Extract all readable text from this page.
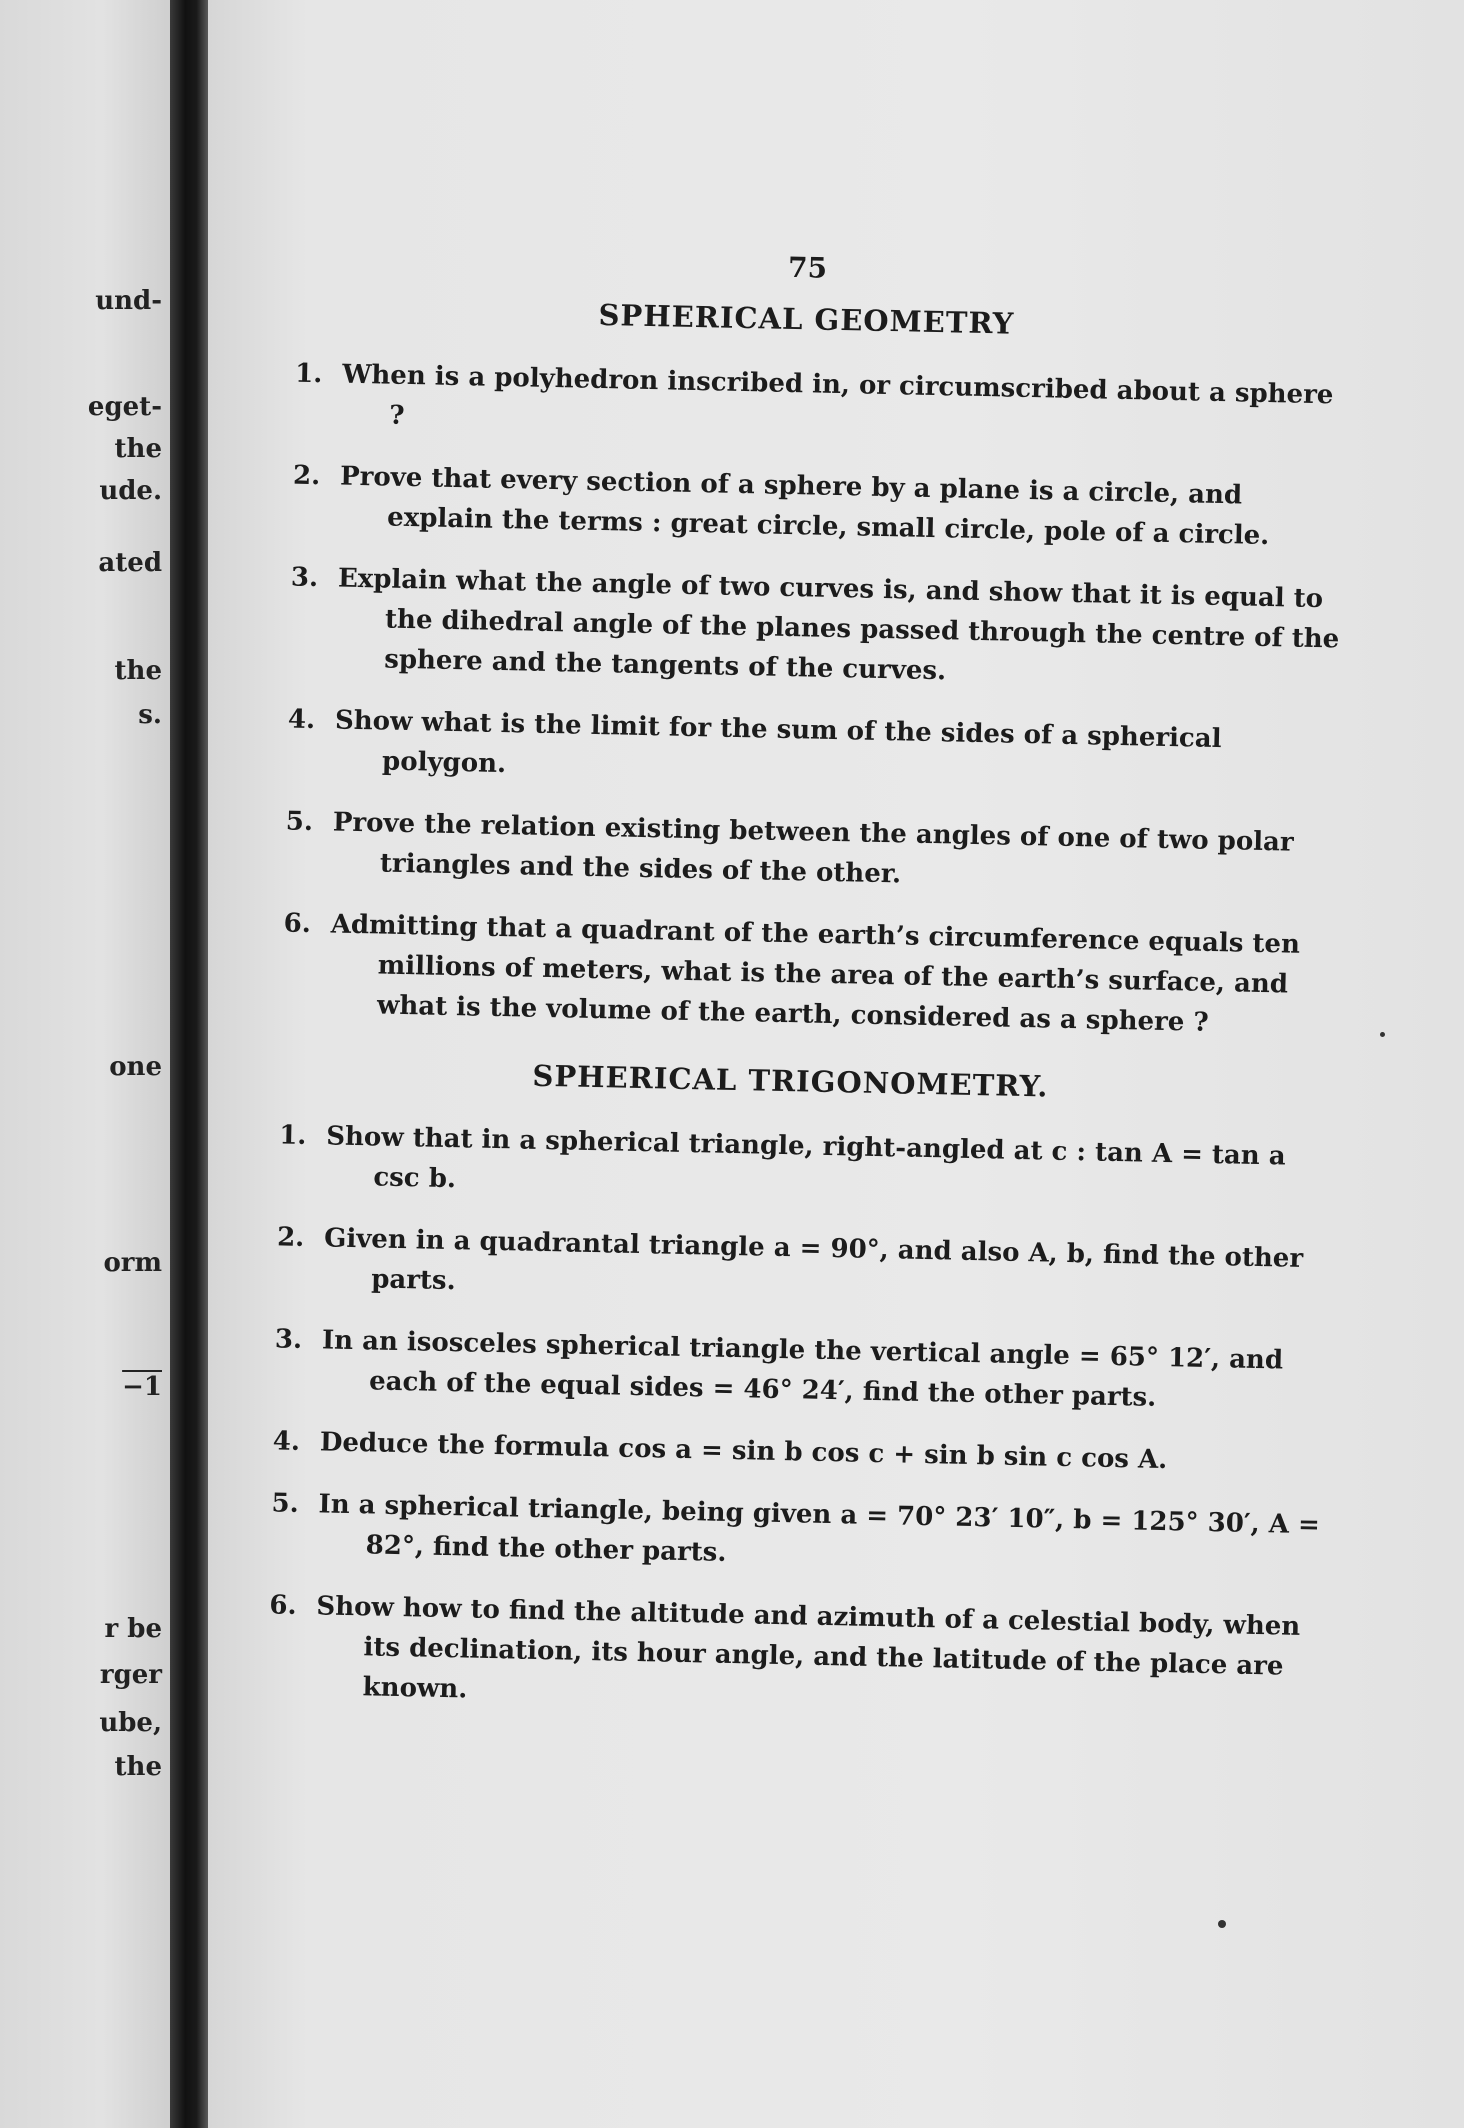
und-
eget-
the
ude.
ated
the
s.
one
orm
−1
r be
rger
ube,
the
75
SPHERICAL GEOMETRY
1. When is a polyhedron inscribed in, or circumscribed about a sphere ?
2. Prove that every section of a sphere by a plane is a circle, and explain the terms : great circle, small circle, pole of a circle.
3. Explain what the angle of two curves is, and show that it is equal to the dihedral angle of the planes passed through the centre of the sphere and the tangents of the curves.
4. Show what is the limit for the sum of the sides of a spherical polygon.
5. Prove the relation existing between the angles of one of two polar triangles and the sides of the other.
6. Admitting that a quadrant of the earth’s circumference equals ten millions of meters, what is the area of the earth’s surface, and what is the volume of the earth, considered as a sphere ?
SPHERICAL TRIGONOMETRY.
1. Show that in a spherical triangle, right-angled at c : tan A = tan a csc b.
2. Given in a quadrantal triangle a = 90°, and also A, b, find the other parts.
3. In an isosceles spherical triangle the vertical angle = 65° 12′, and each of the equal sides = 46° 24′, find the other parts.
4. Deduce the formula cos a = sin b cos c + sin b sin c cos A.
5. In a spherical triangle, being given a = 70° 23′ 10″, b = 125° 30′, A = 82°, find the other parts.
6. Show how to find the altitude and azimuth of a celestial body, when its declination, its hour angle, and the latitude of the place are known.
